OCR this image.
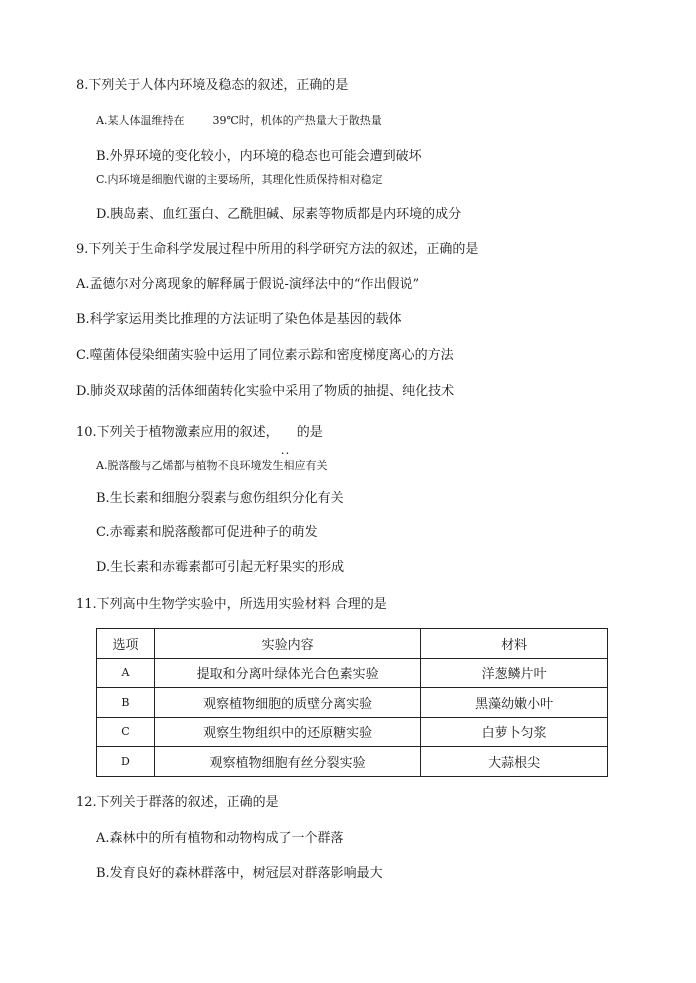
8.下列关于人体内环境及稳态的叙述，正确的是
A.某人体温维持在	39℃时，机体的产热量大于散热量
B.外界环境的变化较小，内环境的稳态也可能会遭到破坏
C.内环境是细胞代谢的主要场所，其理化性质保持相对稳定
D.胰岛素、血红蛋白、乙酰胆碱、尿素等物质都是内环境的成分
9.下列关于生命科学发展过程中所用的科学研究方法的叙述，正确的是
A.孟德尔对分离现象的解释属于假说-演绎法中的“作出假说”
B.科学家运用类比推理的方法证明了染色体是基因的载体
C.噬菌体侵染细菌实验中运用了同位素示踪和密度梯度离心的方法
D.肺炎双球菌的活体细菌转化实验中采用了物质的抽提、纯化技术
10.下列关于植物激素应用的叙述， 的是
A.脱落酸与乙烯都与植物不良环境发生相应有关
B.生长素和细胞分裂素与愈伤组织分化有关
C.赤霉素和脱落酸都可促进种子的萌发
D.生长素和赤霉素都可引起无籽果实的形成
11.下列高中生物学实验中，所选用实验材料 合理的是
选项	实验内容	材料
A	提取和分离叶绿体光合色素实验	洋葱鳞片叶
B	观察植物细胞的质壁分离实验	黑藻幼嫩小叶
C	观察生物组织中的还原糖实验	白萝卜匀浆
D	观察植物细胞有丝分裂实验	大蒜根尖
12.下列关于群落的叙述，正确的是
A.森林中的所有植物和动物构成了一个群落
B.发育良好的森林群落中，树冠层对群落影响最大
